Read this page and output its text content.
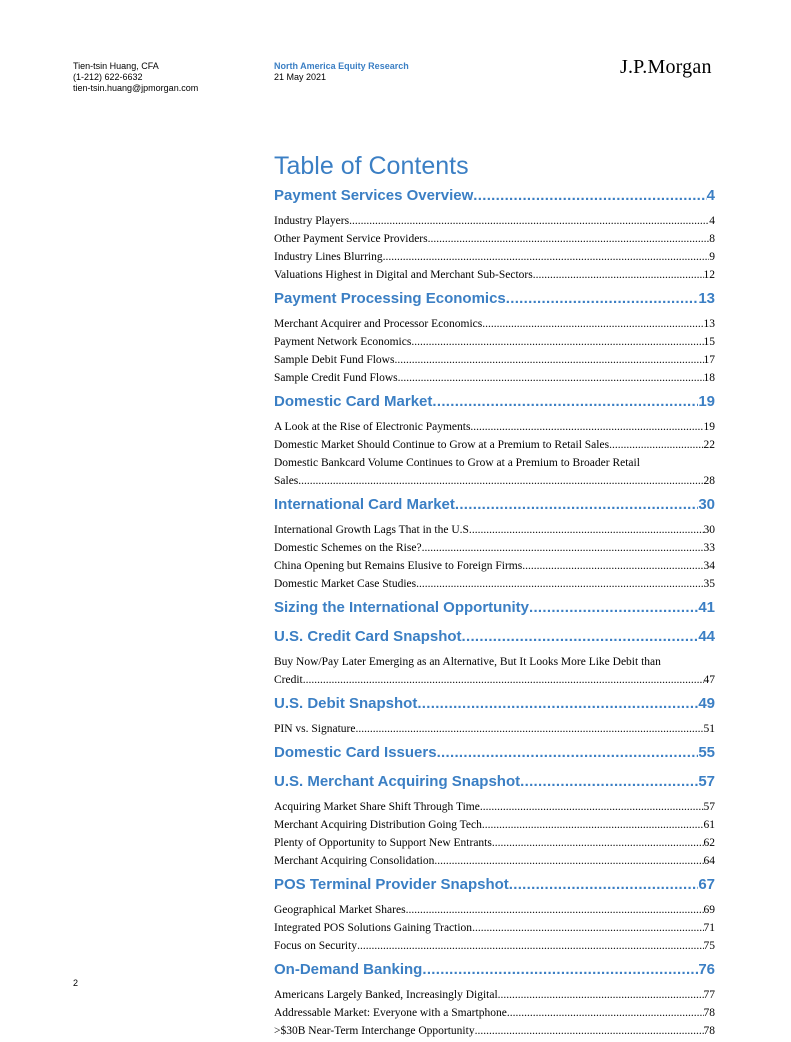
Tien-tsin Huang, CFA
(1-212) 622-6632
tien-tsin.huang@jpmorgan.com
North America Equity Research
21 May 2021	J.P.Morgan
Table of Contents
Payment Services Overview .....	4
Industry Players .....	4
Other Payment Service Providers .....	8
Industry Lines Blurring .....	9
Valuations Highest in Digital and Merchant Sub-Sectors .....	12
Payment Processing Economics .....	13
Merchant Acquirer and Processor Economics .....	13
Payment Network Economics .....	15
Sample Debit Fund Flows .....	17
Sample Credit Fund Flows .....	18
Domestic Card Market .....	19
A Look at the Rise of Electronic Payments .....	19
Domestic Market Should Continue to Grow at a Premium to Retail Sales .....	22
Domestic Bankcard Volume Continues to Grow at a Premium to Broader Retail
Sales .....	28
International Card Market .....	30
International Growth Lags That in the U.S. .....	30
Domestic Schemes on the Rise? .....	33
China Opening but Remains Elusive to Foreign Firms .....	34
Domestic Market Case Studies .....	35
Sizing the International Opportunity .....	41
U.S. Credit Card Snapshot .....	44
Buy Now/Pay Later Emerging as an Alternative, But It Looks More Like Debit than
Credit .....	47
U.S. Debit Snapshot .....	49
PIN vs. Signature .....	51
Domestic Card Issuers .....	55
U.S. Merchant Acquiring Snapshot .....	57
Acquiring Market Share Shift Through Time .....	57
Merchant Acquiring Distribution Going Tech .....	61
Plenty of Opportunity to Support New Entrants .....	62
Merchant Acquiring Consolidation .....	64
POS Terminal Provider Snapshot .....	67
Geographical Market Shares .....	69
Integrated POS Solutions Gaining Traction .....	71
Focus on Security .....	75
On-Demand Banking .....	76
Americans Largely Banked, Increasingly Digital .....	77
Addressable Market: Everyone with a Smartphone .....	78
>$30B Near-Term Interchange Opportunity .....	78
2
